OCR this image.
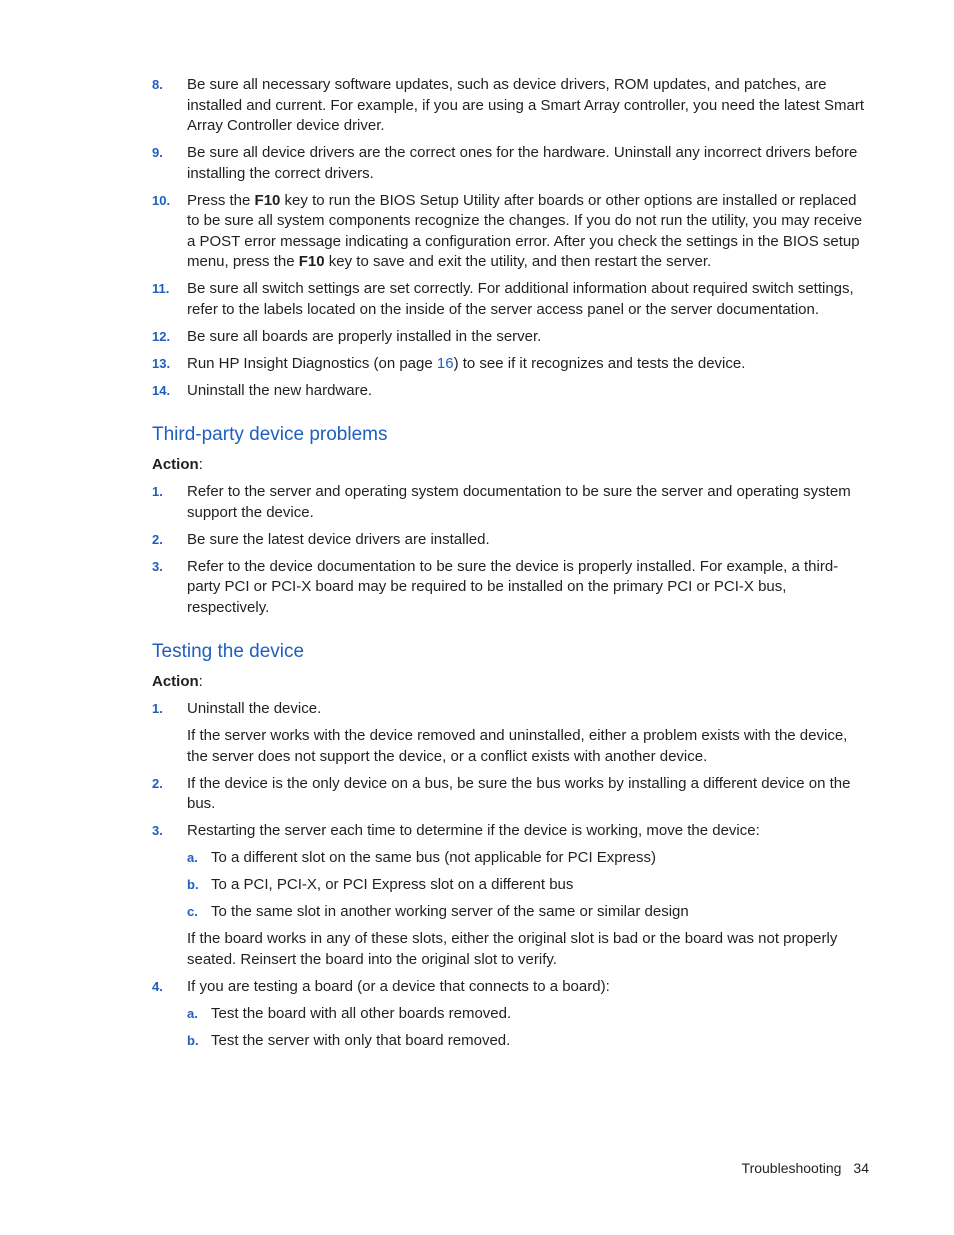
8. Be sure all necessary software updates, such as device drivers, ROM updates, and patches, are installed and current. For example, if you are using a Smart Array controller, you need the latest Smart Array Controller device driver.
9. Be sure all device drivers are the correct ones for the hardware. Uninstall any incorrect drivers before installing the correct drivers.
10. Press the F10 key to run the BIOS Setup Utility after boards or other options are installed or replaced to be sure all system components recognize the changes. If you do not run the utility, you may receive a POST error message indicating a configuration error. After you check the settings in the BIOS setup menu, press the F10 key to save and exit the utility, and then restart the server.
11. Be sure all switch settings are set correctly. For additional information about required switch settings, refer to the labels located on the inside of the server access panel or the server documentation.
12. Be sure all boards are properly installed in the server.
13. Run HP Insight Diagnostics (on page 16) to see if it recognizes and tests the device.
14. Uninstall the new hardware.
Third-party device problems
Action:
1. Refer to the server and operating system documentation to be sure the server and operating system support the device.
2. Be sure the latest device drivers are installed.
3. Refer to the device documentation to be sure the device is properly installed. For example, a third-party PCI or PCI-X board may be required to be installed on the primary PCI or PCI-X bus, respectively.
Testing the device
Action:
1. Uninstall the device.
If the server works with the device removed and uninstalled, either a problem exists with the device, the server does not support the device, or a conflict exists with another device.
2. If the device is the only device on a bus, be sure the bus works by installing a different device on the bus.
3. Restarting the server each time to determine if the device is working, move the device:
a. To a different slot on the same bus (not applicable for PCI Express)
b. To a PCI, PCI-X, or PCI Express slot on a different bus
c. To the same slot in another working server of the same or similar design
If the board works in any of these slots, either the original slot is bad or the board was not properly seated. Reinsert the board into the original slot to verify.
4. If you are testing a board (or a device that connects to a board):
a. Test the board with all other boards removed.
b. Test the server with only that board removed.
Troubleshooting 34
